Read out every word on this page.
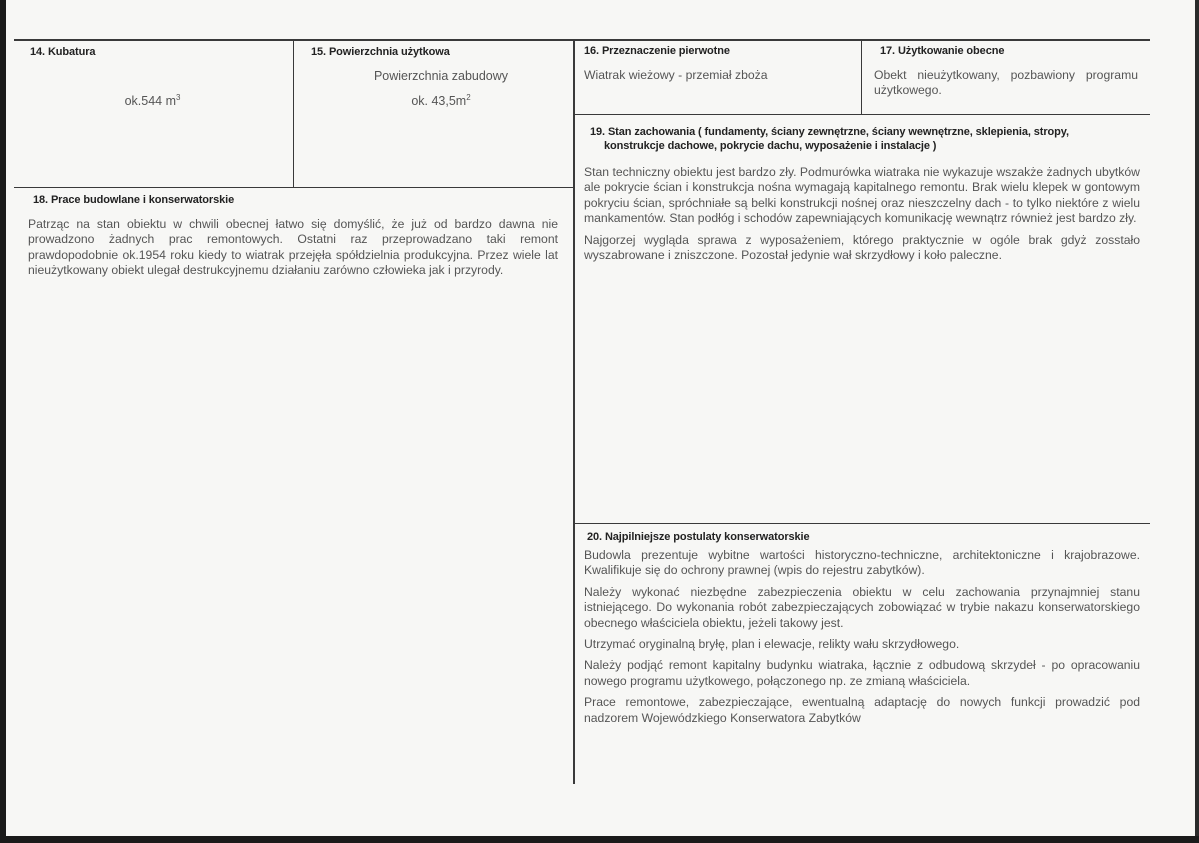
14. Kubatura
ok.544 $m^3$
15. Powierzchnia użytkowa
Powierzchnia zabudowy
ok. $43,5m^2$
16. Przeznaczenie pierwotne
Wiatrak wieżowy - przemiał zboża
17. Użytkowanie obecne
Obekt nieużytkowany, pozbawiony programu użytkowego.
18. Prace budowlane i konserwatorskie
Patrząc na stan obiektu w chwili obecnej łatwo się domyślić, że już od bardzo dawna nie prowadzono żadnych prac remontowych. Ostatni raz przeprowadzano taki remont prawdopodobnie ok.1954 roku kiedy to wiatrak przejęła spółdzielnia produkcyjna. Przez wiele lat nieużytkowany obiekt ulegał destrukcyjnemu działaniu zarówno człowieka jak i przyrody.
19. Stan zachowania ( fundamenty, ściany zewnętrzne, ściany wewnętrzne, sklepienia, stropy,
konstrukcje dachowe, pokrycie dachu, wyposażenie i instalacje )

Stan techniczny obiektu jest bardzo zły. Podmurówka wiatraka nie wykazuje wszakże żadnych ubytków ale pokrycie ścian i konstrukcja nośna wymagają kapitalnego remontu. Brak wielu klepek w gontowym pokryciu ścian, spróchniałe są belki konstrukcji nośnej oraz nieszczelny dach - to tylko niektóre z wielu mankamentów. Stan podłóg i schodów zapewniających komunikację wewnątrz również jest bardzo zły.

Najgorzej wygląda sprawa z wyposażeniem, którego praktycznie w ogóle brak gdyż zosstało wyszabrowane i zniszczone. Pozostał jedynie wał skrzydłowy i koło paleczne.

20. Najpilniejsze postulaty konserwatorskie

Budowla prezentuje wybitne wartości historyczno-techniczne, architektoniczne i krajobrazowe. Kwalifikuje się do ochrony prawnej (wpis do rejestru zabytków).

Należy wykonać niezbędne zabezpieczenia obiektu w celu zachowania przynajmniej stanu istniejącego. Do wykonania robót zabezpieczających zobowiązać w trybie nakazu konserwatorskiego obecnego właściciela obiektu, jeżeli takowy jest.

Utrzymać oryginalną bryłę, plan i elewacje, relikty wału skrzydłowego.

Należy podjąć remont kapitalny budynku wiatraka, łącznie z odbudową skrzydeł - po opracowaniu nowego programu użytkowego, połączonego np. ze zmianą właściciela.

Prace remontowe, zabezpieczające, ewentualną adaptację do nowych funkcji prowadzić pod nadzorem Wojewódzkiego Konserwatora Zabytków
